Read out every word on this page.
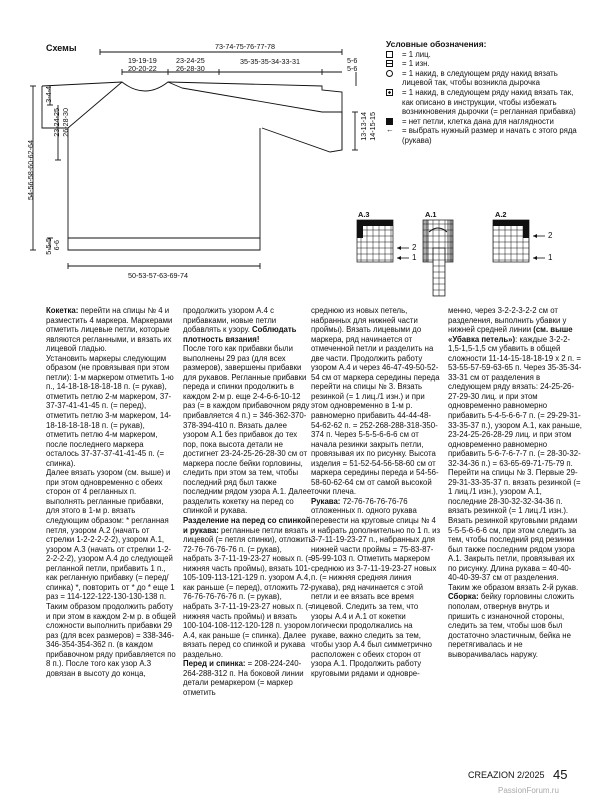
Схемы	73-74-75-76-77-78
19-19-19
20-20-22
23-24-25
26-28-30
35-35-35-34-33-31	5-6
5-6
3-4-4
23-24-25
26-28-30
54-56-58-60-62-64
5-5-5 6-6
13-13-14
14-15-15
50-53-57-63-69-74
Условные обозначения:
= 1 лиц.
= 1 изн.
= 1 накид, в следующем ряду накид вязать лицевой так, чтобы возникла дырочка
= 1 накид, в следующем ряду накид вязать так, как описано в инструкции, чтобы избежать возникновения дырочки (= регланная прибавка)
= нет петли, клетка дана для наглядности
← = выбрать нужный размер и начать с этого ряда (рукава)
A.3	A.1	A.2
2
1
2
1

Кокетка: перейти на спицы № 4 и разместить 4 маркера. Маркерами отметить лицевые петли, которые являются регланными, и вязать их лицевой гладью.

Установить маркеры следующим образом (не провязывая при этом петли): 1-м маркером отметить 1-ю п., 14-18-18-18-18-18 п. (= рукав), отметить петлю 2-м маркером, 37-37-37-41-41-45 п. (= перед), отметить петлю 3-м маркером, 14-18-18-18-18-18 п. (= рукав), отметить петлю 4-м маркером, после последнего маркера осталось 37-37-37-41-41-45 п. (= спинка).

Далее вязать узором (см. выше) и при этом одновременно с обеих сторон от 4 регланных п. выполнять регланные прибавки, для этого в 1-м р. вязать следующим образом: * регланная петля, узором А.2 (начать от стрелки 1-2-2-2-2-2), узором А.1, узором А.3 (начать от стрелки 1-2-2-2-2-2), узором А.4 до следующей регланной петли, прибавить 1 п., как регланную прибавку (= перед/спинка) *, повторить от * до * еще 1 раз = 114-122-122-130-130-138 п.

Таким образом продолжить работу и при этом в каждом 2-м р. в общей сложности выполнить прибавки 29 раз (для всех размеров) = 338-346-346-354-354-362 п. (в каждом прибавочном ряду прибавляется по 8 п.). После того как узор А.3 довязан в высоту до конца,

продолжить узором А.4 с прибавками, новые петли добавлять к узору. Соблюдать плотность вязания!

После того как прибавки были выполнены 29 раз (для всех размеров), завершены прибавки для рукавов. Регланные прибавки переда и спинки продолжить в каждом 2-м р. еще 2-4-6-6-10-12 раз (= в каждом прибавочном ряду прибавляется 4 п.) = 346-362-370-378-394-410 п. Вязать далее узором А.1 без прибавок до тех пор, пока высота детали не достигнет 23-24-25-26-28-30 см от маркера после бейки горловины, следить при этом за тем, чтобы последний ряд был также последним рядом узора А.1. Далее разделить кокетку на перед со спинкой и рукава.

Разделение на перед со спинкой и рукава: регланные петли вязать лицевой (= петля спинки), отложить 72-76-76-76-76 п. (= рукав), набрать 3-7-11-19-23-27 новых п. (= нижняя часть проймы), вязать 101-105-109-113-121-129 п. узором А.4, как раньше (= перед), отложить 72-76-76-76-76-76 п. (= рукав), набрать 3-7-11-19-23-27 новых п. (= нижняя часть проймы) и вязать 100-104-108-112-120-128 п. узором А.4, как раньше (= спинка). Далее вязать перед со спинкой и рукава раздельно.

Перед и спинка: = 208-224-240-264-288-312 п. На боковой линии детали ремаркером (= маркер отметить

среднюю из новых петель, набранных для нижней части проймы). Вязать лицевыми до маркера, ряд начинается от отмеченной петли и разделить на две части. Продолжить работу узором А.4 и через 46-47-49-50-52-54 см от маркера середины переда перейти на спицы № 3. Вязать резинкой (= 1 лиц./1 изн.) и при этом одновременно в 1-м р. равномерно прибавить 44-44-48-54-62-62 п. = 252-268-288-318-350-374 п. Через 5-5-5-6-6-6 см от начала резинки закрыть петли, провязывая их по рисунку. Высота изделия = 51-52-54-56-58-60 см от маркера середины переда и 54-56-58-60-62-64 см от самой высокой точки плеча.

Рукава: 72-76-76-76-76-76 отложенных п. одного рукава перевести на круговые спицы № 4 и набрать дополнительно по 1 п. из 3-7-11-19-23-27 п., набранных для нижней части проймы = 75-83-87-95-99-103 п. Отметить маркером среднюю из 3-7-11-19-23-27 новых п. (= нижняя средняя линия рукава), ряд начинается с этой петли и ее вязать все время лицевой. Следить за тем, что узоры А.4 и А.1 от кокетки логически продолжались на рукаве, важно следить за тем, чтобы узор А.4 был симметрично расположен с обеих сторон от узора А.1. Продолжить работу круговыми рядами и одновре-

менно, через 3-2-2-3-2-2 см от разделения, выполнить убавки у нижней средней линии (см. выше «Убавка петель»): каждые 3-2-2-1,5-1,5-1,5 см убавить в общей сложности 11-14-15-18-18-19 х 2 п. = 53-55-57-59-63-65 п. Через 35-35-34-33-31 см от разделения в следующем ряду вязать: 24-25-26-27-29-30 лиц. и при этом одновременно равномерно прибавить 5-4-5-6-6-7 п. (= 29-29-31-33-35-37 п.), узором А.1, как раньше, 23-24-25-26-28-29 лиц. и при этом одновременно равномерно прибавить 5-6-7-6-7-7 п. (= 28-30-32-32-34-36 п.) = 63-65-69-71-75-79 п. Перейти на спицы № 3. Первые 29-29-31-33-35-37 п. вязать резинкой (= 1 лиц./1 изн.), узором А.1, последние 28-30-32-32-34-36 п. вязать резинкой (= 1 лиц./1 изн.). Вязать резинкой круговыми рядами 5-5-5-6-6-6 см, при этом следить за тем, чтобы последний ряд резинки был также последним рядом узора А.1. Закрыть петли, провязывая их по рисунку. Длина рукава = 40-40-40-40-39-37 см от разделения. Таким же образом вязать 2-й рукав.

Сборка: бейку горловины сложить пополам, отвернув внутрь и пришить с изнаночной стороны, следить за тем, чтобы шов был достаточно эластичным, бейка не перетягивалась и не выворачивалась наружу.

CREAZION 2/2025 45
PassionForum.ru
